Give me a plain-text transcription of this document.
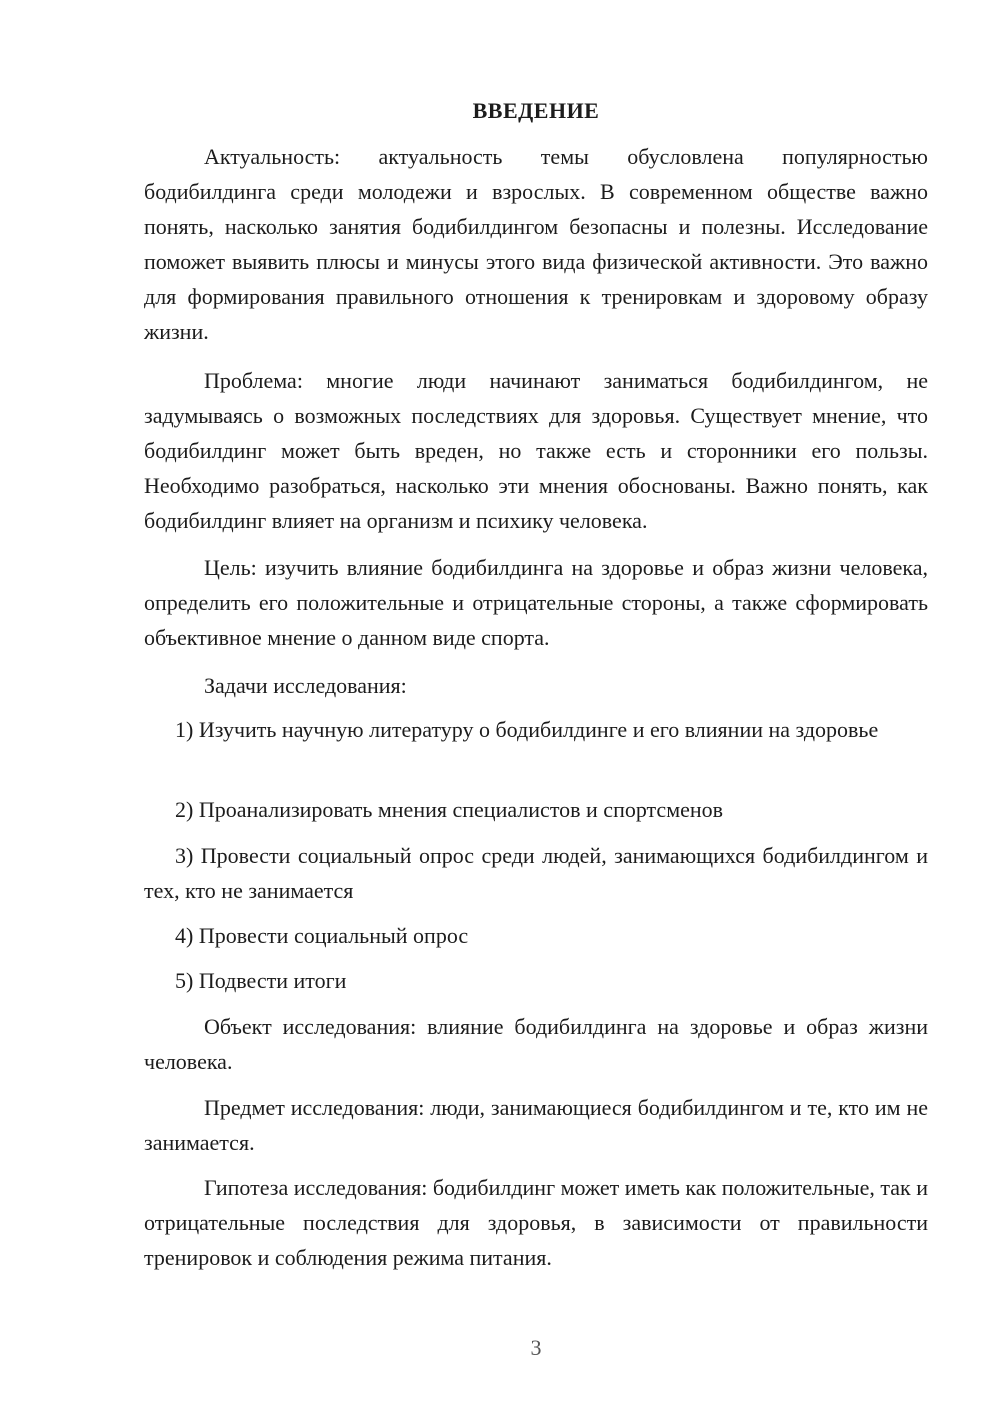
ВВЕДЕНИЕ

Актуальность: актуальность темы обусловлена популярностью бодибилдинга среди молодежи и взрослых. В современном обществе важно понять, насколько занятия бодибилдингом безопасны и полезны. Исследование поможет выявить плюсы и минусы этого вида физической активности. Это важно для формирования правильного отношения к тренировкам и здоровому образу жизни.

Проблема: многие люди начинают заниматься бодибилдингом, не задумываясь о возможных последствиях для здоровья. Существует мнение, что бодибилдинг может быть вреден, но также есть и сторонники его пользы. Необходимо разобраться, насколько эти мнения обоснованы. Важно понять, как бодибилдинг влияет на организм и психику человека.

Цель: изучить влияние бодибилдинга на здоровье и образ жизни человека, определить его положительные и отрицательные стороны, а также сформировать объективное мнение о данном виде спорта.

Задачи исследования:

1) Изучить научную литературу о бодибилдинге и его влиянии на здоровье

2) Проанализировать мнения специалистов и спортсменов

3) Провести социальный опрос среди людей, занимающихся бодибилдингом и тех, кто не занимается

4) Провести социальный опрос

5) Подвести итоги

Объект исследования: влияние бодибилдинга на здоровье и образ жизни человека.

Предмет исследования: люди, занимающиеся бодибилдингом и те, кто им не занимается.

Гипотеза исследования: бодибилдинг может иметь как положительные, так и отрицательные последствия для здоровья, в зависимости от правильности тренировок и соблюдения режима питания.

3
